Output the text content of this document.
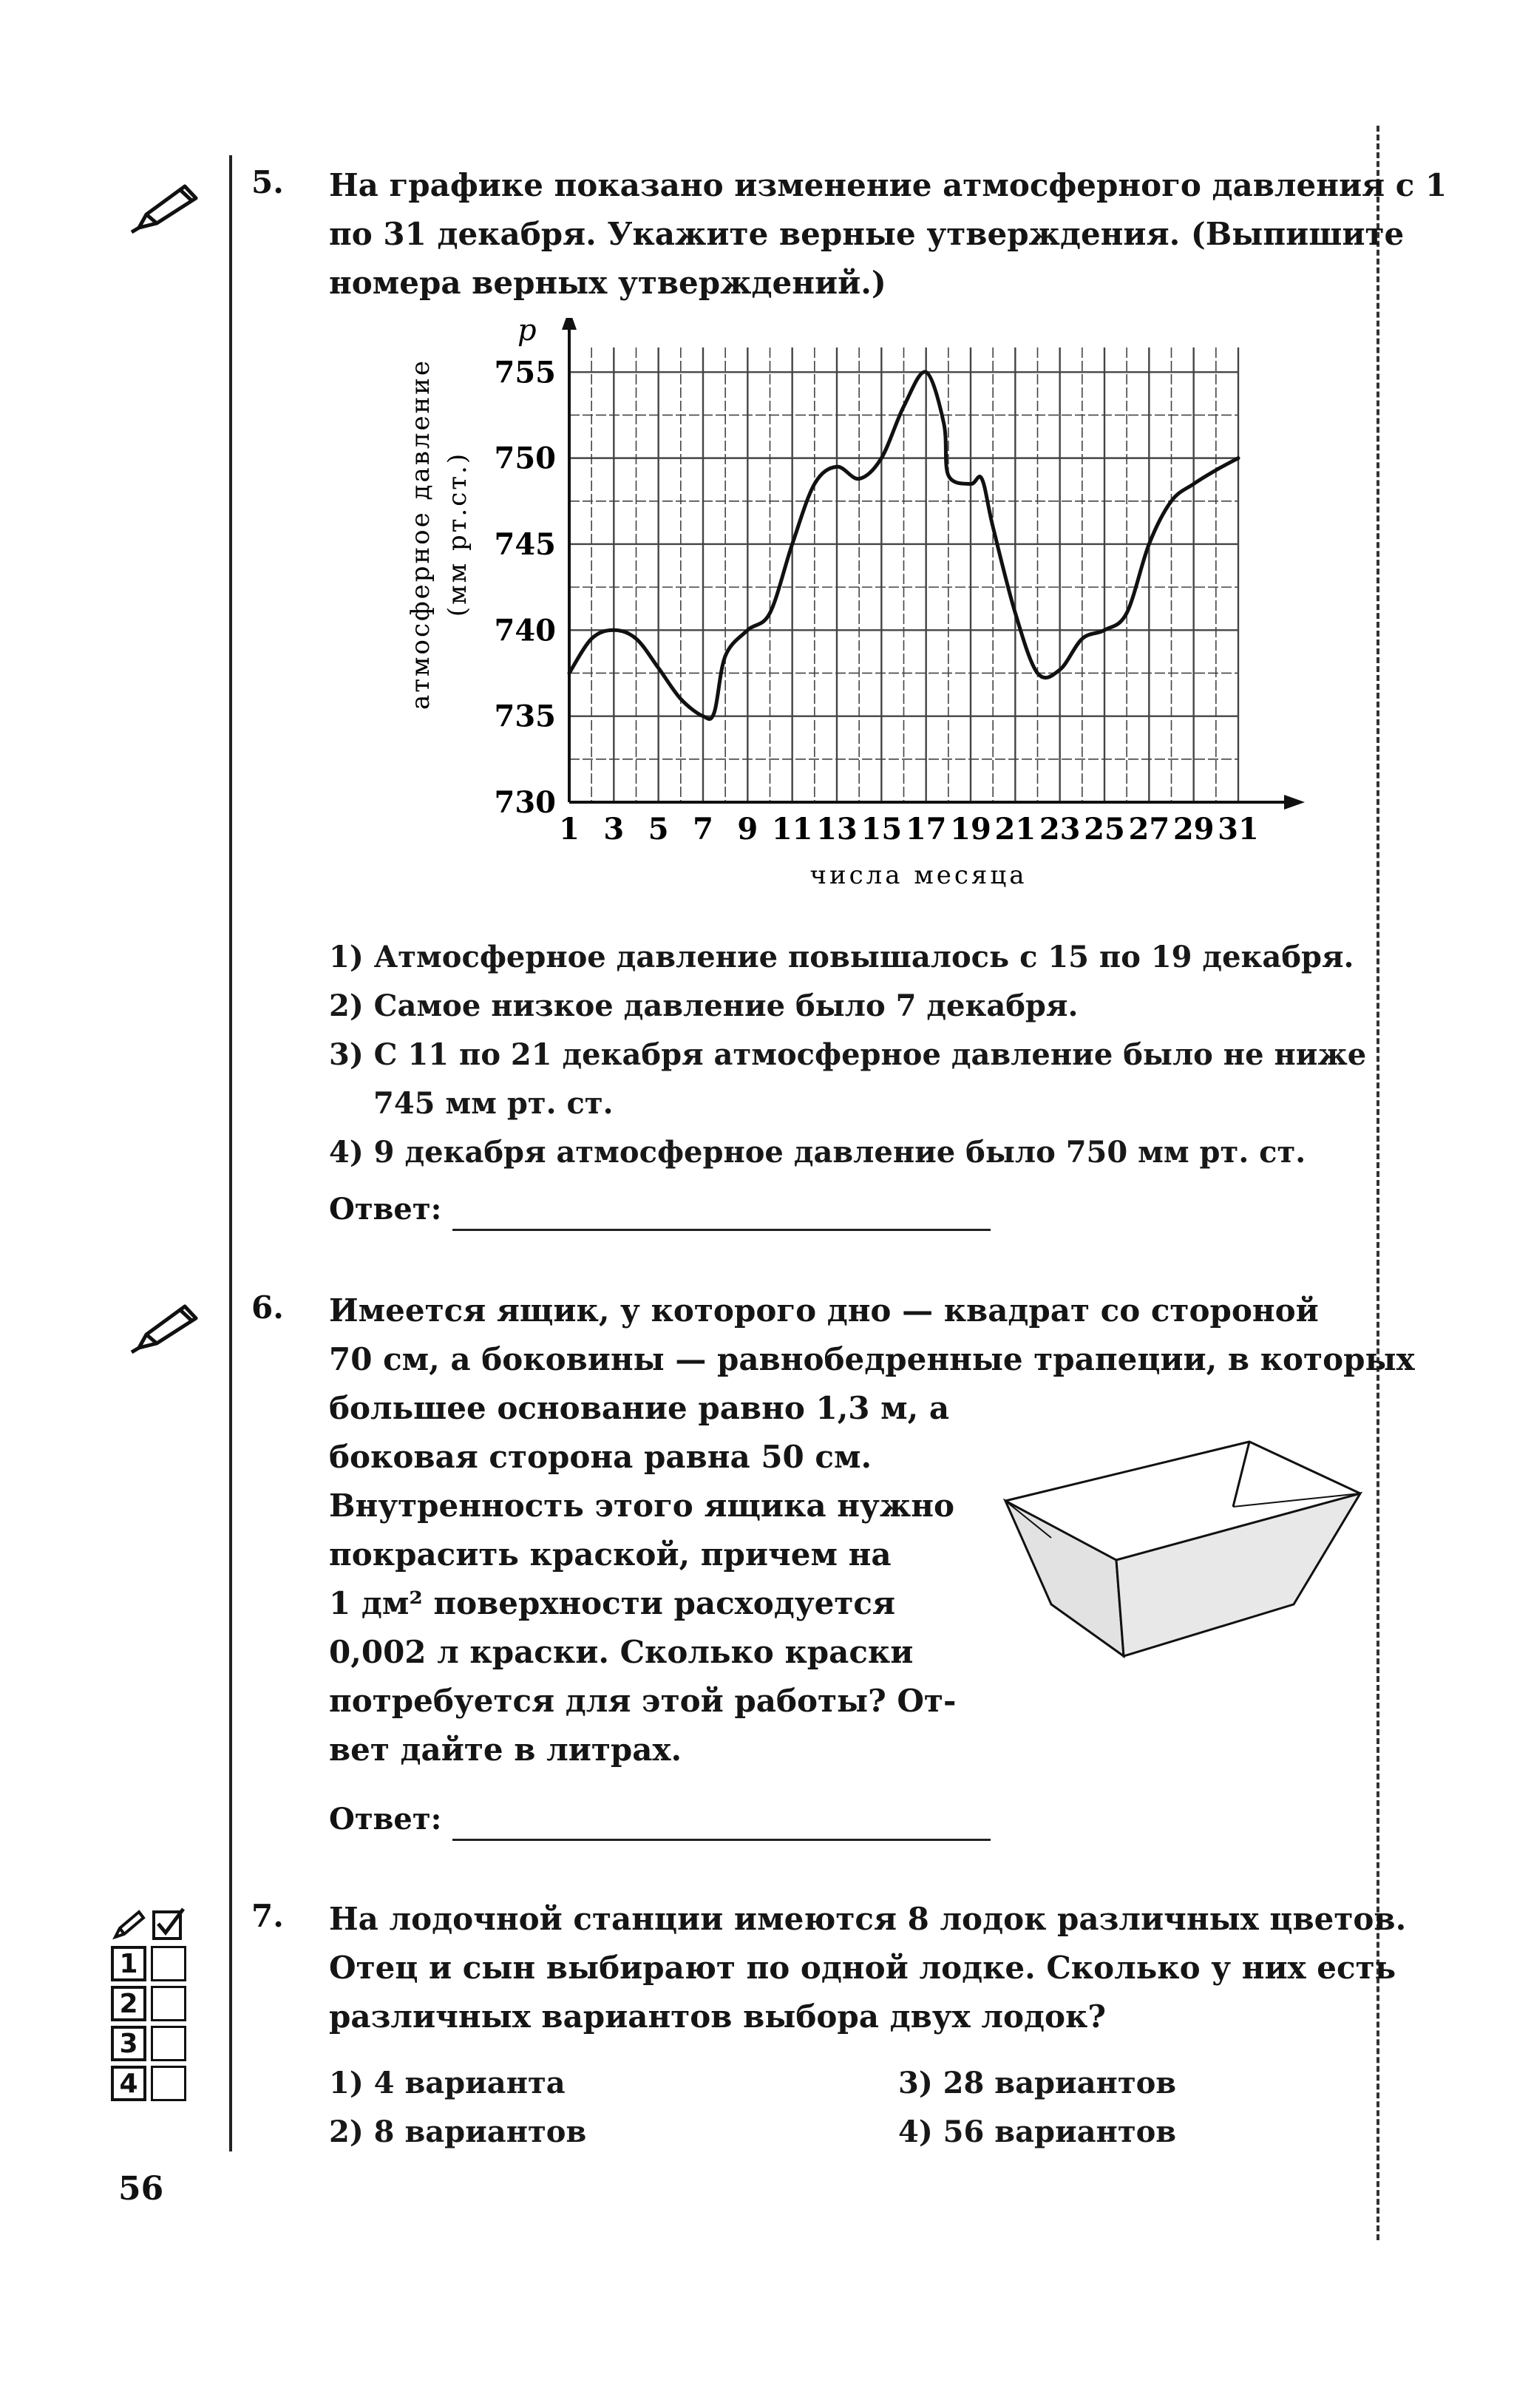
5. На графике показано изменение атмосферного давления с 1
по 31 декабря. Укажите верные утверждения. (Выпишите
номера верных утверждений.)
1 3 5 7 9 11 13 15 17 19 21 23 25 27 29 31
730
735
740
745
750
755
p
числа месяца
атмосферное давление (мм рт.ст.)
1) Атмосферное давление повышалось с 15 по 19 декабря.
2) Самое низкое давление было 7 декабря.
3) С 11 по 21 декабря атмосферное давление было не ниже
745 мм рт. ст.
4) 9 декабря атмосферное давление было 750 мм рт. ст.
Ответ:
6. Имеется ящик, у которого дно — квадрат со стороной
70 см, а боковины — равнобедренные трапеции, в которых
большее основание равно 1,3 м, а
боковая сторона равна 50 см.
Внутренность этого ящика нужно
покрасить краской, причем на
1 дм² поверхности расходуется
0,002 л краски. Сколько краски
потребуется для этой работы? От-
вет дайте в литрах.
Ответ:
1
2
3
4
7. На лодочной станции имеются 8 лодок различных цветов.
Отец и сын выбирают по одной лодке. Сколько у них есть
различных вариантов выбора двух лодок?
1) 4 варианта
2) 8 вариантов
3) 28 вариантов
4) 56 вариантов
56
